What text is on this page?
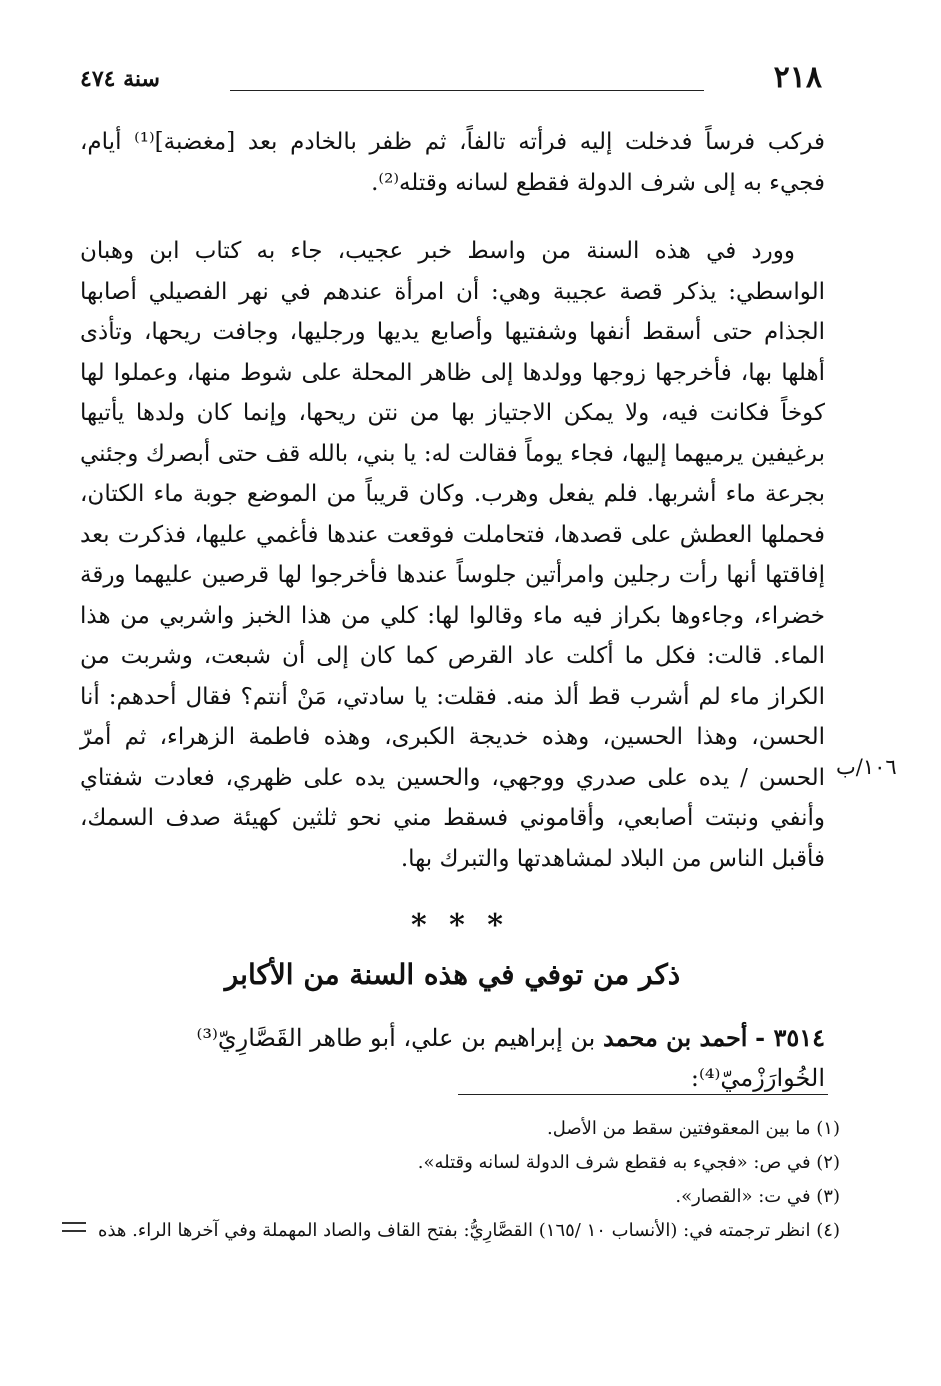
٢١٨
سنة ٤٧٤

فركب فرساً فدخلت إليه فرأته تالفاً، ثم ظفر بالخادم بعد [مغضبة]⁽¹⁾ أيام، فجيء به إلى شرف الدولة فقطع لسانه وقتله⁽²⁾.

وورد في هذه السنة من واسط خبر عجيب، جاء به كتاب ابن وهبان الواسطي: يذكر قصة عجيبة وهي: أن امرأة عندهم في نهر الفصيلي أصابها الجذام حتى أسقط أنفها وشفتيها وأصابع يديها ورجليها، وجافت ريحها، وتأذى أهلها بها، فأخرجها زوجها وولدها إلى ظاهر المحلة على شوط منها، وعملوا لها كوخاً فكانت فيه، ولا يمكن الاجتياز بها من نتن ريحها، وإنما كان ولدها يأتيها برغيفين يرميهما إليها، فجاء يوماً فقالت له: يا بني، بالله قف حتى أبصرك وجئني بجرعة ماء أشربها. فلم يفعل وهرب. وكان قريباً من الموضع جوبة ماء الكتان، فحملها العطش على قصدها، فتحاملت فوقعت عندها فأغمي عليها، فذكرت بعد إفاقتها أنها رأت رجلين وامرأتين جلوساً عندها فأخرجوا لها قرصين عليهما ورقة خضراء، وجاءوها بكراز فيه ماء وقالوا لها: كلي من هذا الخبز واشربي من هذا الماء. قالت: فكل ما أكلت عاد القرص كما كان إلى أن شبعت، وشربت من الكراز ماء لم أشرب قط ألذ منه. فقلت: يا سادتي، مَنْ أنتم؟ فقال أحدهم: أنا الحسن، وهذا الحسين، وهذه خديجة الكبرى، وهذه فاطمة الزهراء، ثم أمرّ الحسن / يده على صدري ووجهي، والحسين يده على ظهري، فعادت شفتاي وأنفي ونبتت أصابعي، وأقاموني فسقط مني نحو ثلثين كهيئة صدف السمك، فأقبل الناس من البلاد لمشاهدتها والتبرك بها.

١٠٦/ب
* * *
ذكر من توفي في هذه السنة من الأكابر
٣٥١٤ - أحمد بن محمد بن إبراهيم بن علي، أبو طاهر القَصَّارِيّ⁽³⁾ الخُوارَزْميّ⁽⁴⁾:

(١) ما بين المعقوفتين سقط من الأصل.

(٢) في ص: «فجيء به فقطع شرف الدولة لسانه وقتله».

(٣) في ت: «القصار».

(٤) انظر ترجمته في: (الأنساب ١٠ /١٦٥) القصَّارِيُّ: بفتح القاف والصاد المهملة وفي آخرها الراء. هذه
